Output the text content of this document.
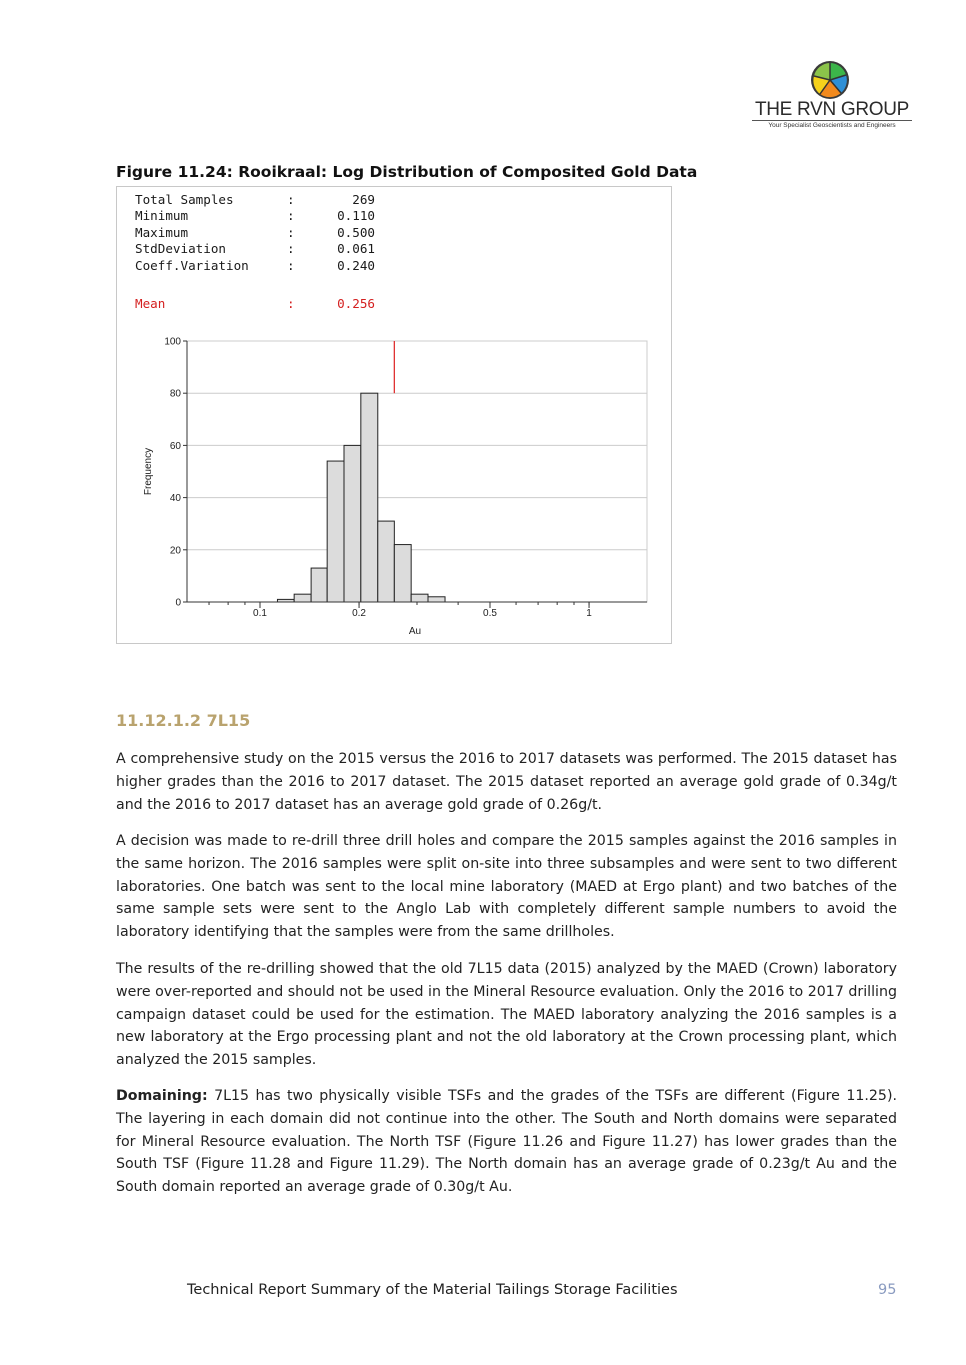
THE RVN GROUP
Your Specialist Geoscientists and Engineers
Figure 11.24: Rooikraal: Log Distribution of Composited Gold Data
Total Samples	:	269
Minimum	:	0.110
Maximum	:	0.500
StdDeviation	:	0.061
Coeff.Variation	:	0.240
Mean	:	0.256
0
20
40
60
80
100
0.1	0.2	0.5	1
Au
Frequency
11.12.1.2 7L15
A comprehensive study on the 2015 versus the 2016 to 2017 datasets was performed. The 2015 dataset has higher grades than the 2016 to 2017 dataset. The 2015 dataset reported an average gold grade of 0.34g/t and the 2016 to 2017 dataset has an average gold grade of 0.26g/t.
A decision was made to re-drill three drill holes and compare the 2015 samples against the 2016 samples in the same horizon. The 2016 samples were split on-site into three subsamples and were sent to two different laboratories. One batch was sent to the local mine laboratory (MAED at Ergo plant) and two batches of the same sample sets were sent to the Anglo Lab with completely different sample numbers to avoid the laboratory identifying that the samples were from the same drillholes.
The results of the re-drilling showed that the old 7L15 data (2015) analyzed by the MAED (Crown) laboratory were over-reported and should not be used in the Mineral Resource evaluation. Only the 2016 to 2017 drilling campaign dataset could be used for the estimation. The MAED laboratory analyzing the 2016 samples is a new laboratory at the Ergo processing plant and not the old laboratory at the Crown processing plant, which analyzed the 2015 samples.
Domaining: 7L15 has two physically visible TSFs and the grades of the TSFs are different (Figure 11.25). The layering in each domain did not continue into the other. The South and North domains were separated for Mineral Resource evaluation. The North TSF (Figure 11.26 and Figure 11.27) has lower grades than the South TSF (Figure 11.28 and Figure 11.29). The North domain has an average grade of 0.23g/t Au and the South domain reported an average grade of 0.30g/t Au.
Technical Report Summary of the Material Tailings Storage Facilities	95
